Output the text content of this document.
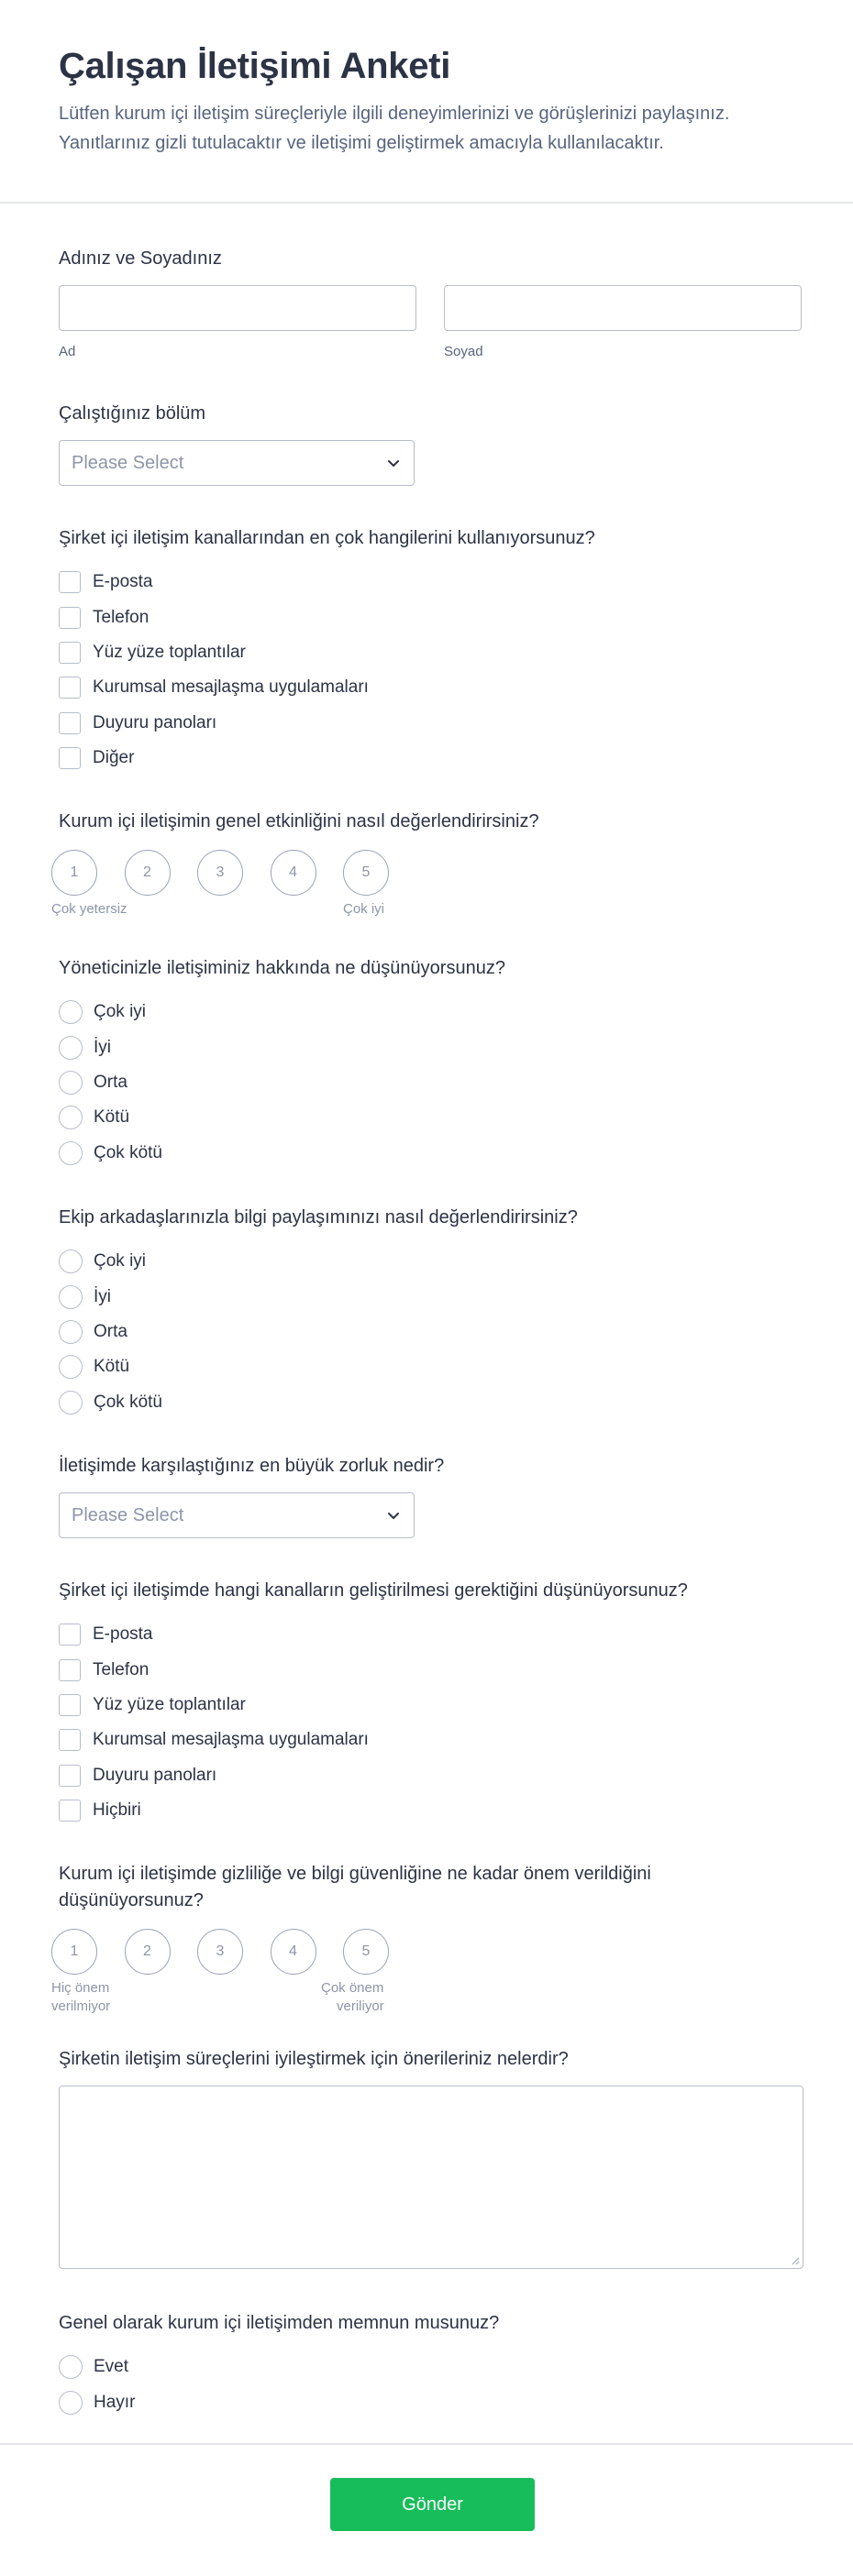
Çalışan İletişimi Anketi

Lütfen kurum içi iletişim süreçleriyle ilgili deneyimlerinizi ve görüşlerinizi paylaşınız.

Yanıtlarınız gizli tutulacaktır ve iletişimi geliştirmek amacıyla kullanılacaktır.

Adınız ve Soyadınız
Ad	Soyad
Çalıştığınız bölüm
Please Select
Şirket içi iletişim kanallarından en çok hangilerini kullanıyorsunuz?
E-posta
Telefon
Yüz yüze toplantılar
Kurumsal mesajlaşma uygulamaları
Duyuru panoları
Diğer
Kurum içi iletişimin genel etkinliğini nasıl değerlendirirsiniz?
1	2	3	4	5
Çok yetersiz	Çok iyi
Yöneticinizle iletişiminiz hakkında ne düşünüyorsunuz?
Çok iyi
İyi
Orta
Kötü
Çok kötü
Ekip arkadaşlarınızla bilgi paylaşımınızı nasıl değerlendirirsiniz?
Çok iyi
İyi
Orta
Kötü
Çok kötü
İletişimde karşılaştığınız en büyük zorluk nedir?
Please Select
Şirket içi iletişimde hangi kanalların geliştirilmesi gerektiğini düşünüyorsunuz?
E-posta
Telefon
Yüz yüze toplantılar
Kurumsal mesajlaşma uygulamaları
Duyuru panoları
Hiçbiri
Kurum içi iletişimde gizliliğe ve bilgi güvenliğine ne kadar önem verildiğini
düşünüyorsunuz?
1	2	3	4	5
Hiç önem
verilmiyor
Çok önem
veriliyor
Şirketin iletişim süreçlerini iyileştirmek için önerileriniz nelerdir?
Genel olarak kurum içi iletişimden memnun musunuz?
Evet
Hayır
Gönder
